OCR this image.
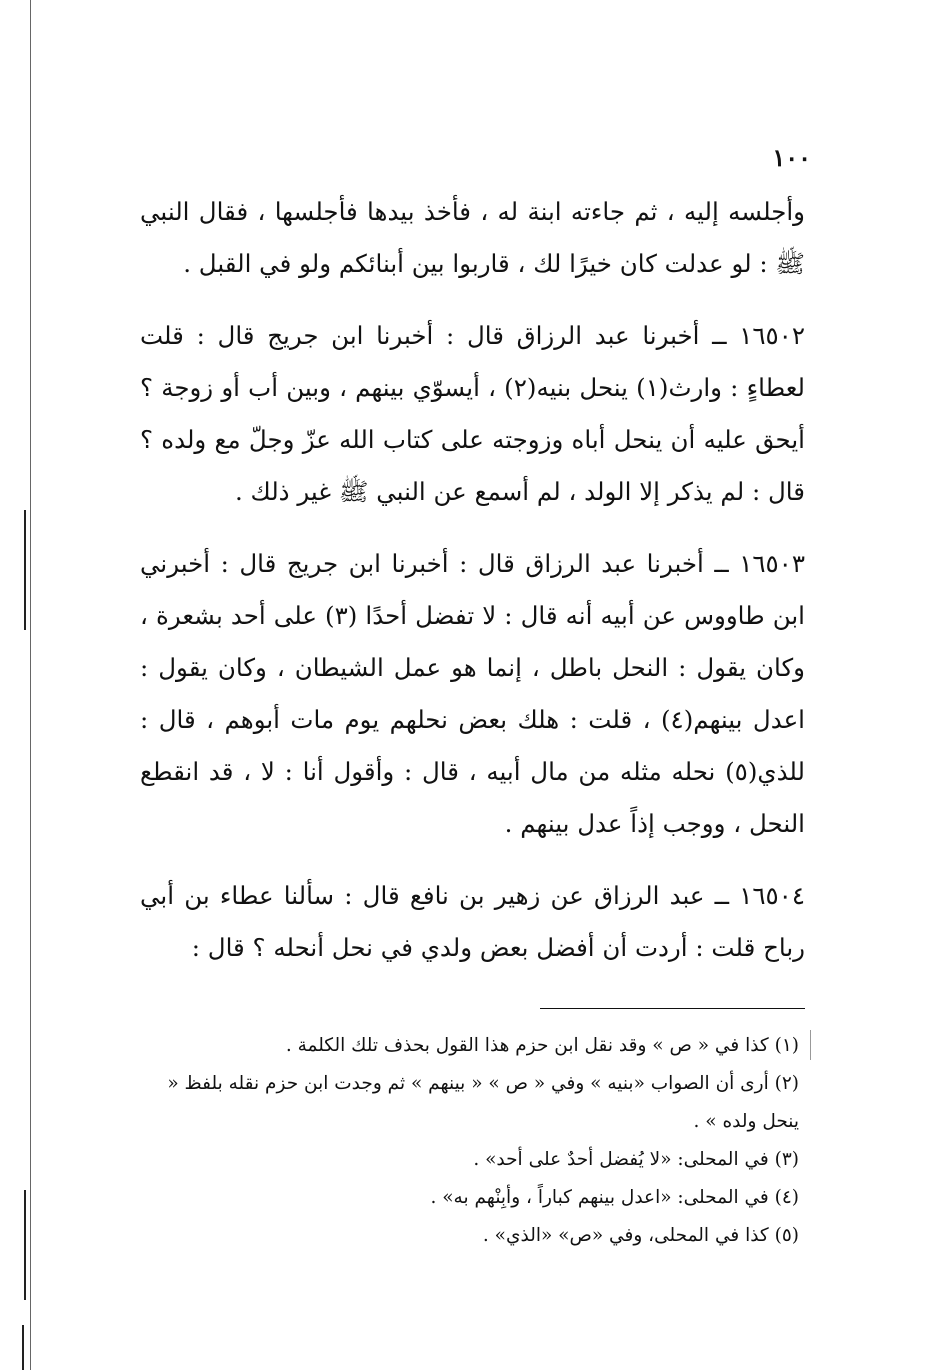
١٠٠

وأجلسه إليه ، ثم جاءته ابنة له ، فأخذ بيدها فأجلسها ، فقال النبي ﷺ : لو عدلت كان خيرًا لك ، قاربوا بين أبنائكم ولو في القبل .

١٦٥٠٢ ــ أخبرنا عبد الرزاق قال : أخبرنا ابن جريج قال : قلت لعطاءٍ : وارث(١) ينحل بنيه(٢) ، أيسوّي بينهم ، وبين أب أو زوجة ؟ أيحق عليه أن ينحل أباه وزوجته على كتاب الله عزّ وجلّ مع ولده ؟ قال : لم يذكر إلا الولد ، لم أسمع عن النبي ﷺ غير ذلك .

١٦٥٠٣ ــ أخبرنا عبد الرزاق قال : أخبرنا ابن جريج قال : أخبرني ابن طاووس عن أبيه أنه قال : لا تفضل أحدًا (٣) على أحد بشعرة ، وكان يقول : النحل باطل ، إنما هو عمل الشيطان ، وكان يقول : اعدل بينهم(٤) ، قلت : هلك بعض نحلهم يوم مات أبوهم ، قال : للذي(٥) نحله مثله من مال أبيه ، قال : وأقول أنا : لا ، قد انقطع النحل ، ووجب إذاً عدل بينهم .

١٦٥٠٤ ــ عبد الرزاق عن زهير بن نافع قال : سألنا عطاء بن أبي رباح قلت : أردت أن أفضل بعض ولدي في نحل أنحله ؟ قال :

(١) كذا في « ص » وقد نقل ابن حزم هذا القول بحذف تلك الكلمة .

(٢) أرى أن الصواب «بنيه » وفي « ص » « بينهم » ثم وجدت ابن حزم نقله بلفظ « ينحل ولده » .

(٣) في المحلى: «لا يُفضل أحدٌ على أحد» .

(٤) في المحلى: «اعدل بينهم كباراً ، وأبِنْهم به» .

(٥) كذا في المحلى، وفي «ص» «الذي» .
